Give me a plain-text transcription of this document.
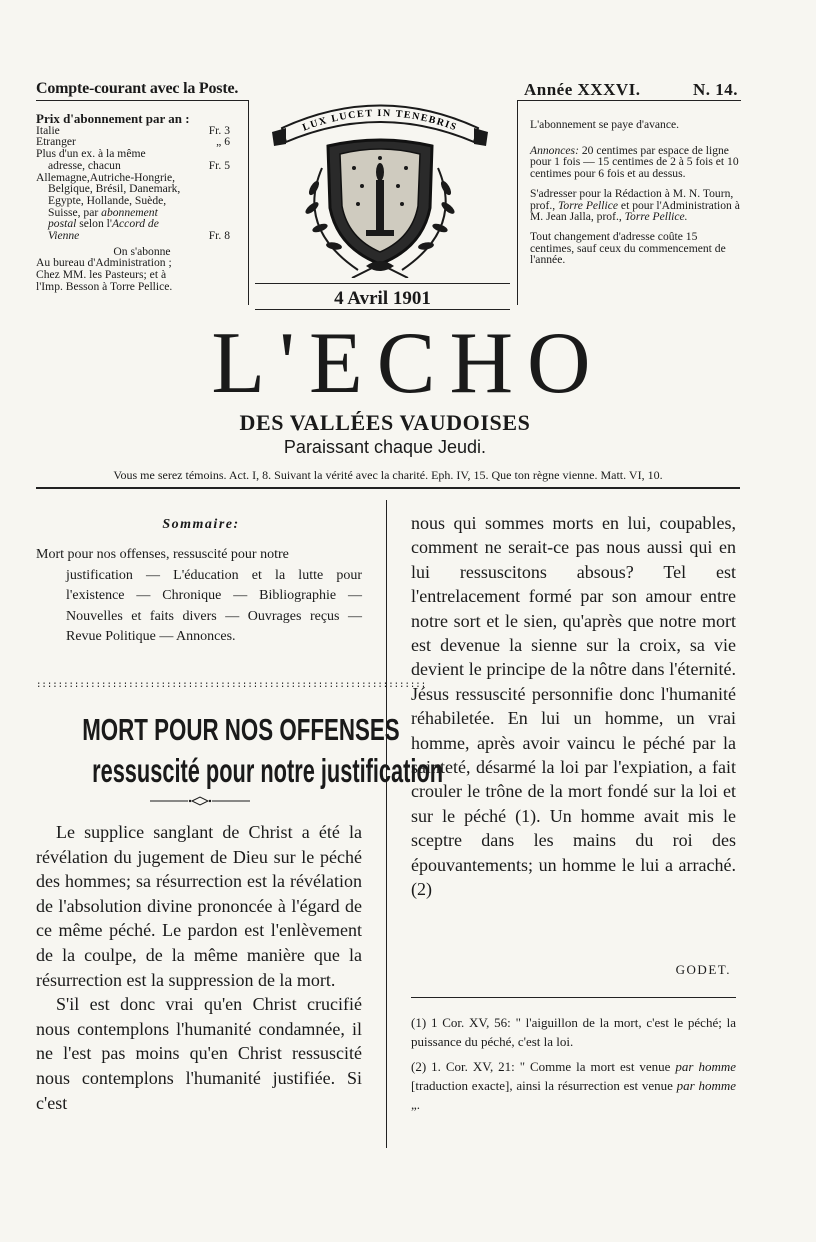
Compte-courant avec la Poste.
Prix d'abonnement par an :
Italie	Fr. 3
Etranger	„ 6
Plus d'un ex. à la même
adresse, chacun	Fr. 5
Allemagne,Autriche-Hongrie,
Belgique, Brésil, Danemark,
Egypte, Hollande, Suède,
Suisse, par abonnement
postal selon l'Accord de
Vienne	Fr. 8
On s'abonne
Au bureau d'Administration ;
Chez MM. les Pasteurs; et à
l'Imp. Besson à Torre Pellice.
LUX LUCET IN TENEBRIS
4 Avril 1901
Année XXXVI.	N. 14.

L'abonnement se paye d'avance.

Annonces: 20 centimes par espace de ligne pour 1 fois — 15 centimes de 2 à 5 fois et 10 centimes pour 6 fois et au dessus.

S'adresser pour la Rédaction à M. N. Tourn, prof., Torre Pellice et pour l'Administration à M. Jean Jalla, prof., Torre Pellice.

Tout changement d'adresse coûte 15 centimes, sauf ceux du commencement de l'année.

L'ECHO
DES VALLÉES VAUDOISES
Paraissant chaque Jeudi.
Vous me serez témoins. Act. I, 8. Suivant la vérité avec la charité. Eph. IV, 15. Que ton règne vienne. Matt. VI, 10.
Sommaire:
Mort pour nos offenses, ressuscité pour notre
justification — L'éducation et la lutte pour l'existence — Chronique — Bibliographie — Nouvelles et faits divers — Ouvrages reçus — Revue Politique — Annonces.
::::::::::::::::::::::::::::::::::::::::::::::::::::::::::::::::::::::::
MORT POUR NOS OFFENSES
ressuscité pour notre justification

Le supplice sanglant de Christ a été la révélation du jugement de Dieu sur le péché des hommes; sa résurrection est la révélation de l'absolution divine prononcée à l'égard de ce même péché. Le pardon est l'enlèvement de la coulpe, de la même manière que la résurrection est la suppression de la mort.

S'il est donc vrai qu'en Christ crucifié nous contemplons l'humanité condamnée, il ne l'est pas moins qu'en Christ ressuscité nous contemplons l'humanité justifiée. Si c'est

nous qui sommes morts en lui, coupables, comment ne serait-ce pas nous aussi qui en lui ressuscitons absous? Tel est l'entrelacement formé par son amour entre notre sort et le sien, qu'après que notre mort est devenue la sienne sur la croix, sa vie devient le principe de la nôtre dans l'éternité. Jésus ressuscité personnifie donc l'humanité réhabiletée. En lui un homme, un vrai homme, après avoir vaincu le péché par la sainteté, désarmé la loi par l'expiation, a fait crouler le trône de la mort fondé sur la loi et sur le péché (1). Un homme avait mis le sceptre dans les mains du roi des épouvantements; un homme le lui a arraché. (2)

GODET.

(1) 1 Cor. XV, 56: " l'aiguillon de la mort, c'est le péché; la puissance du péché, c'est la loi.

(2) 1. Cor. XV, 21: " Comme la mort est venue par homme [traduction exacte], ainsi la résurrection est venue par homme „.
